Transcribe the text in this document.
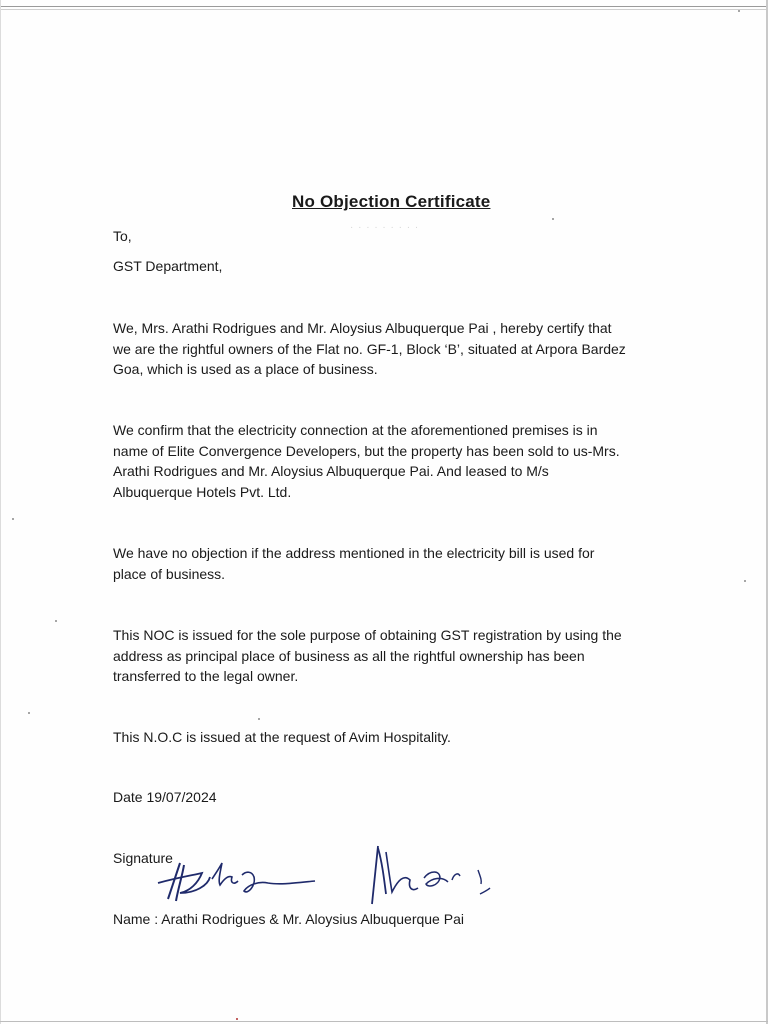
· · · · · · · · ·
No Objection Certificate
To,
GST Department,
We, Mrs. Arathi Rodrigues and Mr. Aloysius Albuquerque Pai , hereby certify that
we are the rightful owners of the Flat no. GF-1, Block ‘B’, situated at Arpora Bardez
Goa, which is used as a place of business.
We confirm that the electricity connection at the aforementioned premises is in
name of Elite Convergence Developers, but the property has been sold to us-Mrs.
Arathi Rodrigues and Mr. Aloysius Albuquerque Pai. And leased to M/s
Albuquerque Hotels Pvt. Ltd.
We have no objection if the address mentioned in the electricity bill is used for
place of business.
This NOC is issued for the sole purpose of obtaining GST registration by using the
address as principal place of business as all the rightful ownership has been
transferred to the legal owner.
This N.O.C is issued at the request of Avim Hospitality.
Date 19/07/2024
Signature
Name : Arathi Rodrigues & Mr. Aloysius Albuquerque Pai
